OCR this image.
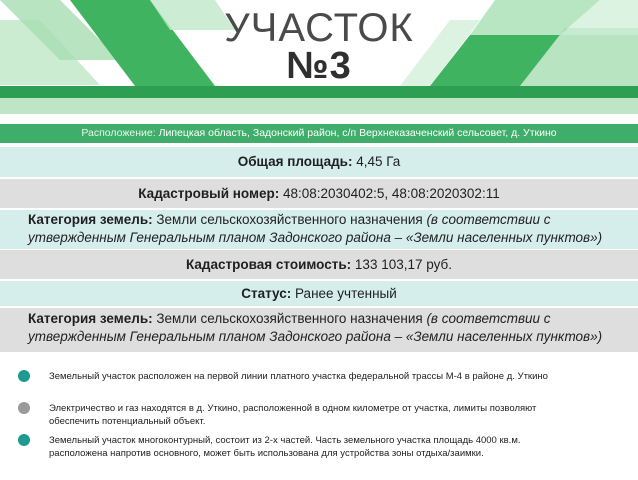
УЧАСТОК
№3
Расположение: Липецкая область, Задонский район, с/п Верхнеказаченский сельсовет, д. Уткино
Общая площадь: 4,45 Га
Кадастровый номер: 48:08:2030402:5, 48:08:2020302:11
Категория земель: Земли сельскохозяйственного назначения (в соответствии с
утвержденным Генеральным планом Задонского района – «Земли населенных пунктов»)
Кадастровая стоимость: 133 103,17 руб.
Статус: Ранее учтенный
Категория земель: Земли сельскохозяйственного назначения (в соответствии с
утвержденным Генеральным планом Задонского района – «Земли населенных пунктов»)
Земельный участок расположен на первой линии платного участка федеральной трассы М-4 в районе д. Уткино
Электричество и газ находятся в д. Уткино, расположенной в одном километре от участка, лимиты позволяют
обеспечить потенциальный объект.
Земельный участок многоконтурный, состоит из 2-х частей. Часть земельного участка площадь 4000 кв.м.
расположена напротив основного, может быть использована для устройства зоны отдыха/заимки.
